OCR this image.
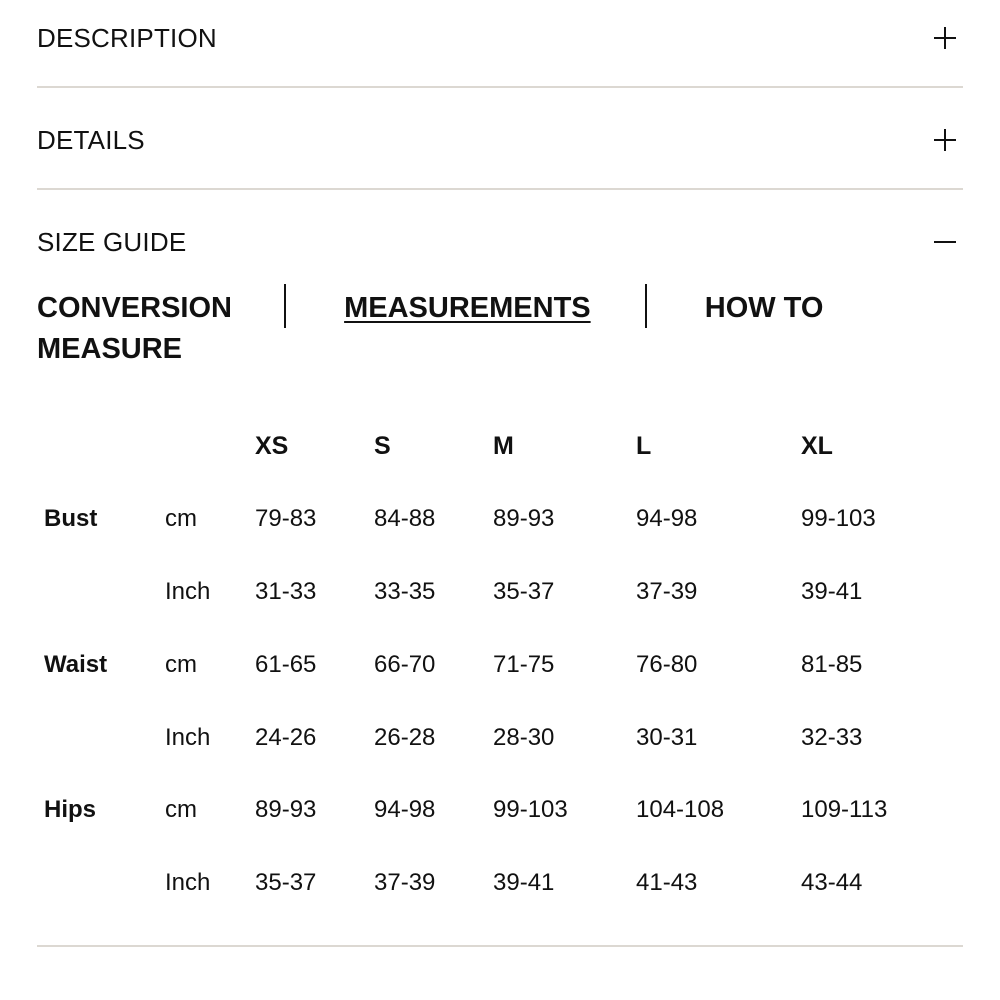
DESCRIPTION
DETAILS
SIZE GUIDE
CONVERSION	MEASUREMENTS	HOW TO MEASURE
XS	S	M	L	XL
Bust	cm 79-83 84-88 89-93	94-98	99-103
Inch 31-33 33-35 35-37	37-39	39-41
Waist cm 61-65 66-70 71-75	76-80	81-85
Inch 24-26 26-28 28-30	30-31	32-33
Hips	cm 89-93 94-98 99-103	104-108	109-113
Inch 35-37 37-39 39-41	41-43	43-44
